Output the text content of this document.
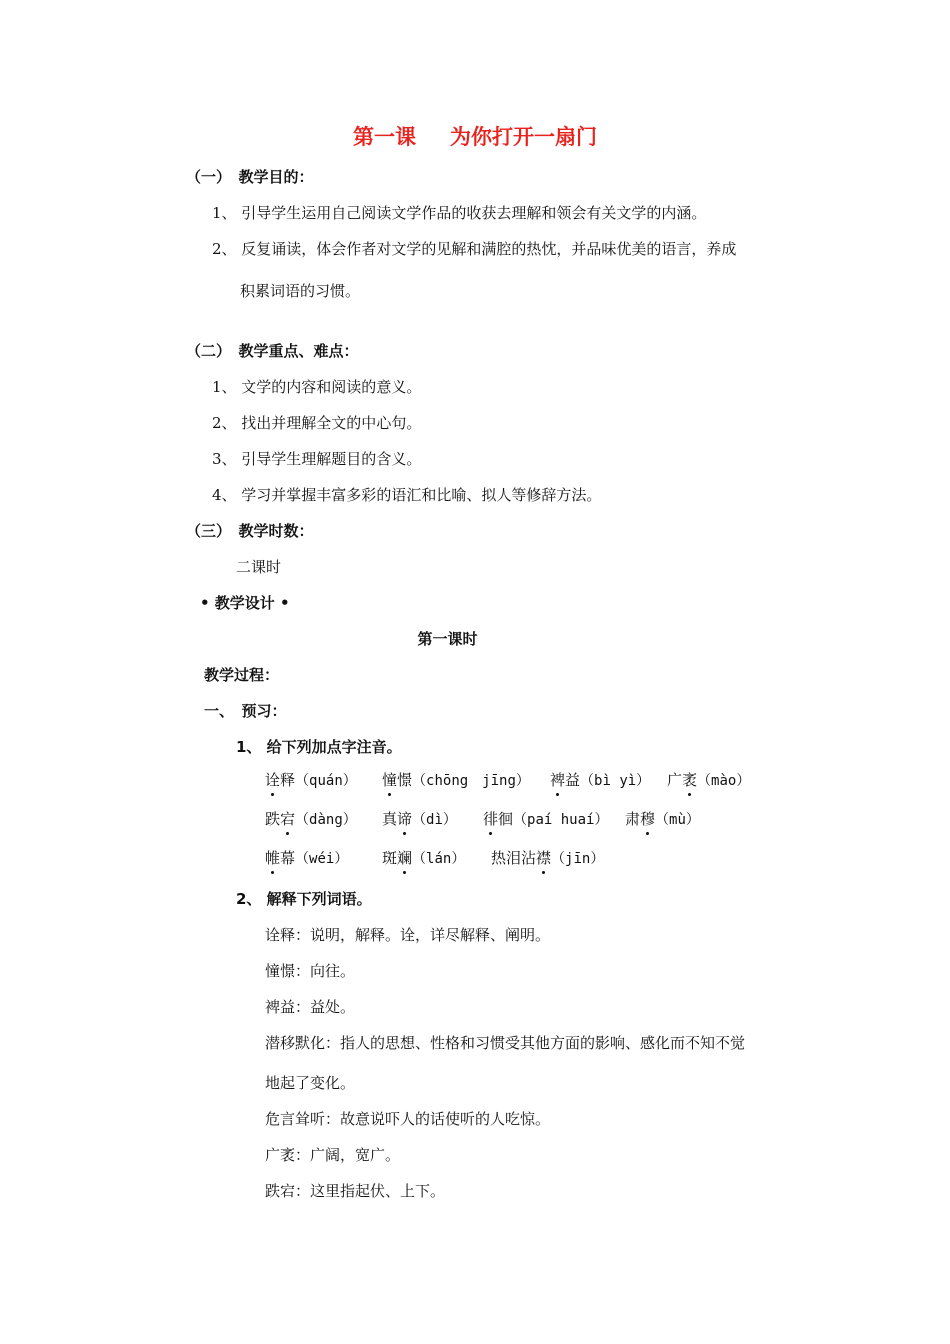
第一课 为你打开一扇门
（一）　教学目的：
1、 引导学生运用自己阅读文学作品的收获去理解和领会有关文学的内涵。
2、 反复诵读，体会作者对文学的见解和满腔的热忱，并品味优美的语言，养成
积累词语的习惯。
（二）　教学重点、难点：
1、 文学的内容和阅读的意义。
2、 找出并理解全文的中心句。
3、 引导学生理解题目的含义。
4、 学习并掌握丰富多彩的语汇和比喻、拟人等修辞方法。
（三）　教学时数：
二课时
• 教学设计 •
第一课时
教学过程：
一、　预习：
1、 给下列加点字注音。
诠释（quán） 憧憬（chōng　jīng） 裨益（bì yì） 广袤（mào）
跌宕（dàng） 真谛（dì） 徘徊（paí huaí） 肃穆（mù）
帷幕（wéi） 斑斓（lán） 热泪沾襟（jīn）
2、 解释下列词语。
诠释：说明，解释。诠，详尽解释、阐明。
憧憬：向往。
裨益：益处。
潜移默化：指人的思想、性格和习惯受其他方面的影响、感化而不知不觉
地起了变化。
危言耸听：故意说吓人的话使听的人吃惊。
广袤：广阔，宽广。
跌宕：这里指起伏、上下。
